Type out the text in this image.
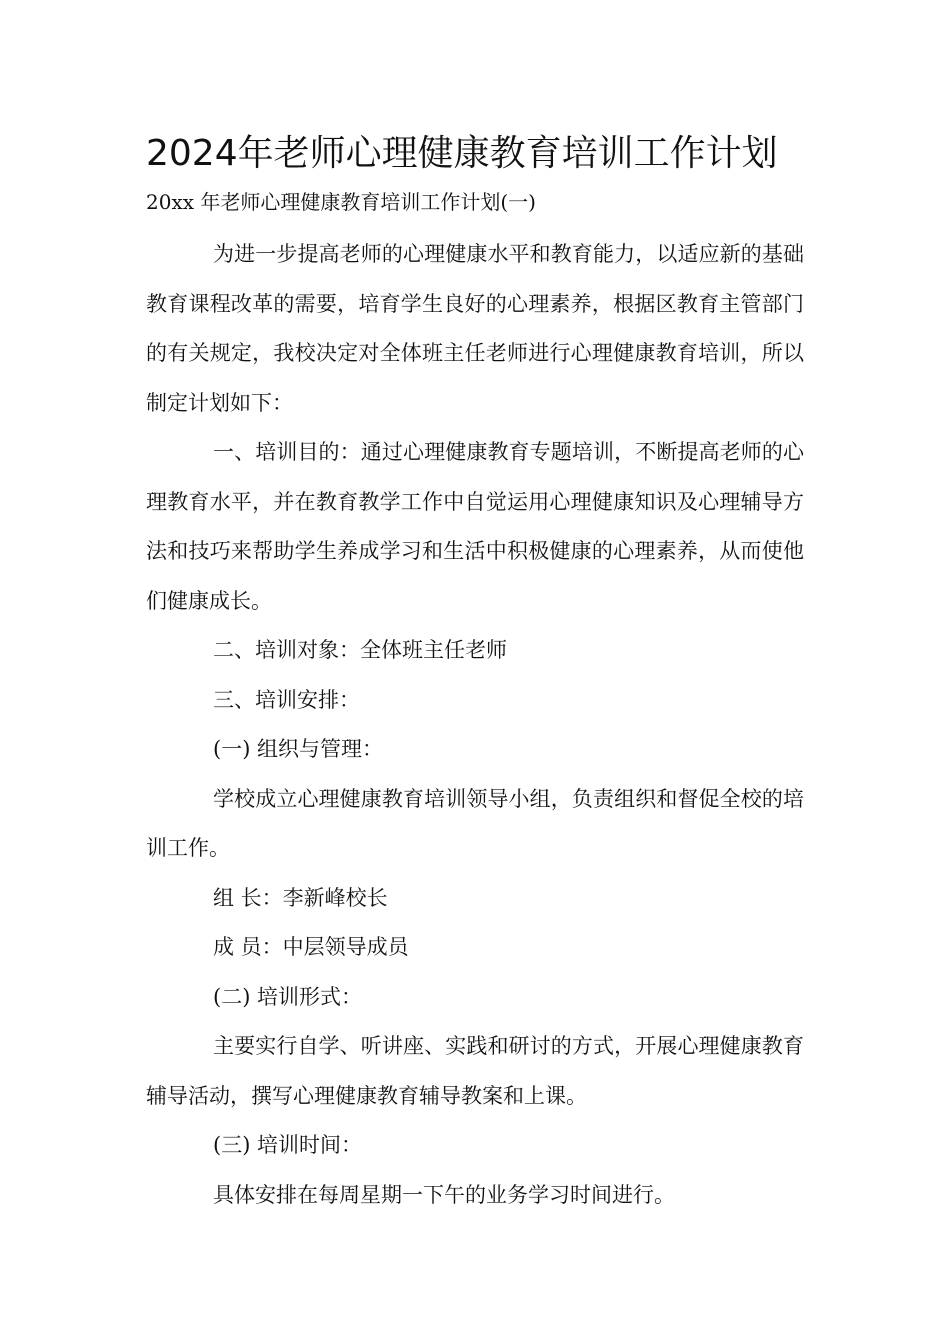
2024年老师心理健康教育培训工作计划

20xx 年老师心理健康教育培训工作计划(一)

为进一步提高老师的心理健康水平和教育能力，以适应新的基础教育课程改革的需要，培育学生良好的心理素养，根据区教育主管部门的有关规定，我校决定对全体班主任老师进行心理健康教育培训，所以制定计划如下：

一、培训目的：通过心理健康教育专题培训，不断提高老师的心理教育水平，并在教育教学工作中自觉运用心理健康知识及心理辅导方法和技巧来帮助学生养成学习和生活中积极健康的心理素养，从而使他们健康成长。

二、培训对象：全体班主任老师

三、培训安排：

(一) 组织与管理：

学校成立心理健康教育培训领导小组，负责组织和督促全校的培训工作。

组 长：李新峰校长

成 员：中层领导成员

(二) 培训形式：

主要实行自学、听讲座、实践和研讨的方式，开展心理健康教育辅导活动，撰写心理健康教育辅导教案和上课。

(三) 培训时间：

具体安排在每周星期一下午的业务学习时间进行。
